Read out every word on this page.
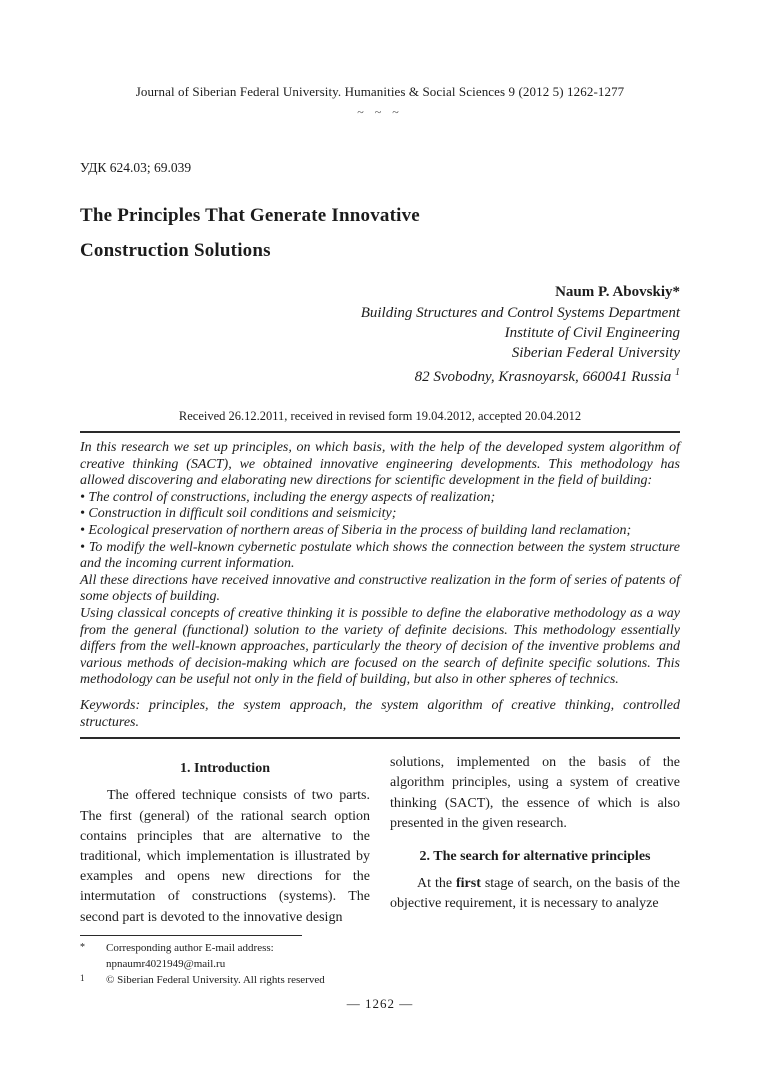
Journal of Siberian Federal University. Humanities & Social Sciences 9 (2012 5) 1262-1277
~ ~ ~
УДК 624.03; 69.039
The Principles That Generate Innovative
Construction Solutions
Naum P. Abovskiy*
Building Structures and Control Systems Department
Institute of Civil Engineering
Siberian Federal University
82 Svobodny, Krasnoyarsk, 660041 Russia $^1$
Received 26.12.2011, received in revised form 19.04.2012, accepted 20.04.2012

In this research we set up principles, on which basis, with the help of the developed system algorithm of creative thinking (SACT), we obtained innovative engineering developments. This methodology has allowed discovering and elaborating new directions for scientific development in the field of building:

• The control of constructions, including the energy aspects of realization;

• Construction in difficult soil conditions and seismicity;

• Ecological preservation of northern areas of Siberia in the process of building land reclamation;

• To modify the well-known cybernetic postulate which shows the connection between the system structure and the incoming current information.

All these directions have received innovative and constructive realization in the form of series of patents of some objects of building.

Using classical concepts of creative thinking it is possible to define the elaborative methodology as a way from the general (functional) solution to the variety of definite decisions. This methodology essentially differs from the well-known approaches, particularly the theory of decision of the inventive problems and various methods of decision-making which are focused on the search of definite specific solutions. This methodology can be useful not only in the field of building, but also in other spheres of technics.

Keywords: principles, the system approach, the system algorithm of creative thinking, controlled structures.
1. Introduction

The offered technique consists of two parts. The first (general) of the rational search option contains principles that are alternative to the traditional, which implementation is illustrated by examples and opens new directions for the intermutation of constructions (systems). The second part is devoted to the innovative design

solutions, implemented on the basis of the algorithm principles, using a system of creative thinking (SACT), the essence of which is also presented in the given research.

2. The search for alternative principles

At the first stage of search, on the basis of the objective requirement, it is necessary to analyze

*	Corresponding author E-mail address: npnaumr4021949@mail.ru
1	© Siberian Federal University. All rights reserved
— 1262 —
